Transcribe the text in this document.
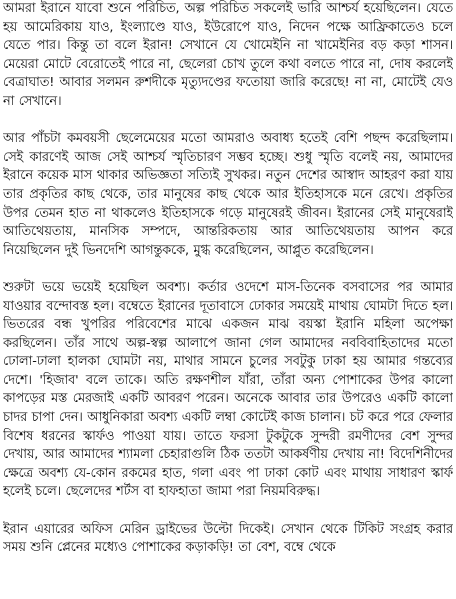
আমরা ইরানে যাবো শুনে পরিচিত, অল্প পরিচিত সকলেই ভারি আশ্চর্য হয়েছিলেন। যেতে হয় আমেরিকায় যাও, ইংল্যাণ্ডে যাও, ইউরোপে যাও, নিদেন পক্ষে আফ্রিকাতেও চলে যেতে পার। কিন্তু তা বলে ইরান! সেখানে যে খোমেইনি না খামেইনির বড় কড়া শাসন। মেয়েরা মোটে বেরোতেই পারে না, ছেলেরা চোখ তুলে কথা বলতে পারে না, দোষ করলেই বেত্রাঘাত! আবার সলমন রুশদীকে মৃত্যুদণ্ডের ফতোয়া জারি করেছে! না না, মোটেই যেও না সেখানে।

আর পাঁচটা কমবয়সী ছেলেমেয়ের মতো আমরাও অবাধ্য হতেই বেশি পছন্দ করেছিলাম। সেই কারণেই আজ সেই আশ্চর্য স্মৃতিচারণ সম্ভব হচ্ছে। শুধু স্মৃতি বলেই নয়, আমাদের ইরানে কয়েক মাস থাকার অভিজ্ঞতা সত্যিই সুখকর। নতুন দেশের আস্বাদ আহরণ করা যায় তার প্রকৃতির কাছ থেকে, তার মানুষের কাছ থেকে আর ইতিহাসকে মনে রেখে। প্রকৃতির উপর তেমন হাত না থাকলেও ইতিহাসকে গড়ে মানুষেরই জীবন। ইরানের সেই মানুষেরাই আতিথেয়তায়, মানসিক সম্পদে, আন্তরিকতায় আর আতিথেয়তায় আপন করে নিয়েছিলেন দুই ভিনদেশি আগন্তুককে, মুগ্ধ করেছিলেন, আপ্লুত করেছিলেন।

শুরুটা ভয়ে ভয়েই হয়েছিল অবশ্য। কর্তার ওদেশে মাস-তিনেক বসবাসের পর আমার যাওয়ার বন্দোবস্ত হল। বম্বেতে ইরানের দূতাবাসে ঢোকার সময়েই মাথায় ঘোমটা দিতে হল। ভিতরের বন্ধ খুপরির পরিবেশের মাঝে একজন মাঝ বয়স্কা ইরানি মহিলা অপেক্ষা করছিলেন। তাঁর সাথে অল্প-স্বল্প আলাপে জানা গেল আমাদের নববিবাহিতাদের মতো ঢোলা-ঢালা হালকা ঘোমটা নয়, মাথার সামনে চুলের সবটুকু ঢাকা হয় আমার গন্তব্যের দেশে। 'হিজাব' বলে তাকে। অতি রক্ষণশীল যাঁরা, তাঁরা অন্য পোশাকের উপর কালো কাপড়ের মস্ত মেরজাই একটি আবরণ পরেন। অনেকে আবার তার উপরেও একটি কালো চাদর চাপা দেন। আধুনিকারা অবশ্য একটি লম্বা কোটেই কাজ চালান। চট করে পরে ফেলার বিশেষ ধরনের স্কার্ফও পাওয়া যায়। তাতে ফরসা টুকটুকে সুন্দরী রমণীদের বেশ সুন্দর দেখায়, আর আমাদের শ্যামলা চেহারাগুলি ঠিক ততটা আকর্ষণীয় দেখায় না! বিদেশিনীদের ক্ষেত্রে অবশ্য যে-কোন রকমের হাত, গলা এবং পা ঢাকা কোট এবং মাথায় সাধারণ স্কার্ফ হলেই চলে। ছেলেদের শর্টস বা হাফহাতা জামা পরা নিয়মবিরুদ্ধ।

ইরান এয়ারের অফিস মেরিন ড্রাইভের উল্টো দিকেই। সেখান থেকে টিকিট সংগ্রহ করার সময় শুনি প্লেনের মধ্যেও পোশাকের কড়াকড়ি! তা বেশ, বম্বে থেকে
